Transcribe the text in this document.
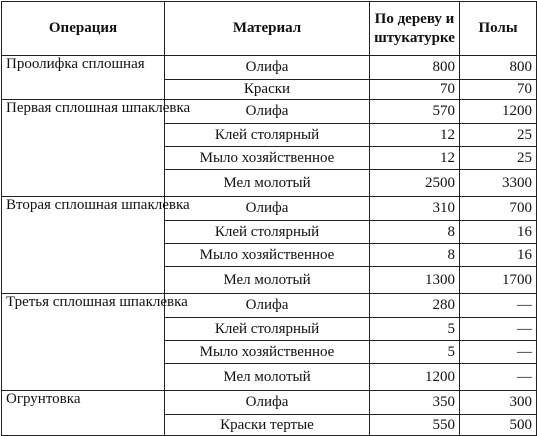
Операция	Материал	По дереву и штукатурке	Полы
Проолифка сплошная	Олифа	800	800
	Краски	70	70
Первая сплошная шпаклевка	Олифа	570	1200
	Клей столярный	12	25
	Мыло хозяйственное	12	25
	Мел молотый	2500	3300
Вторая сплошная шпаклевка	Олифа	310	700
	Клей столярный	8	16
	Мыло хозяйственное	8	16
	Мел молотый	1300	1700
Третья сплошная шпаклевка	Олифа	280	—
	Клей столярный	5	—
	Мыло хозяйственное	5	—
	Мел молотый	1200	—
Огрунтовка	Олифа	350	300
	Краски тертые	550	500
